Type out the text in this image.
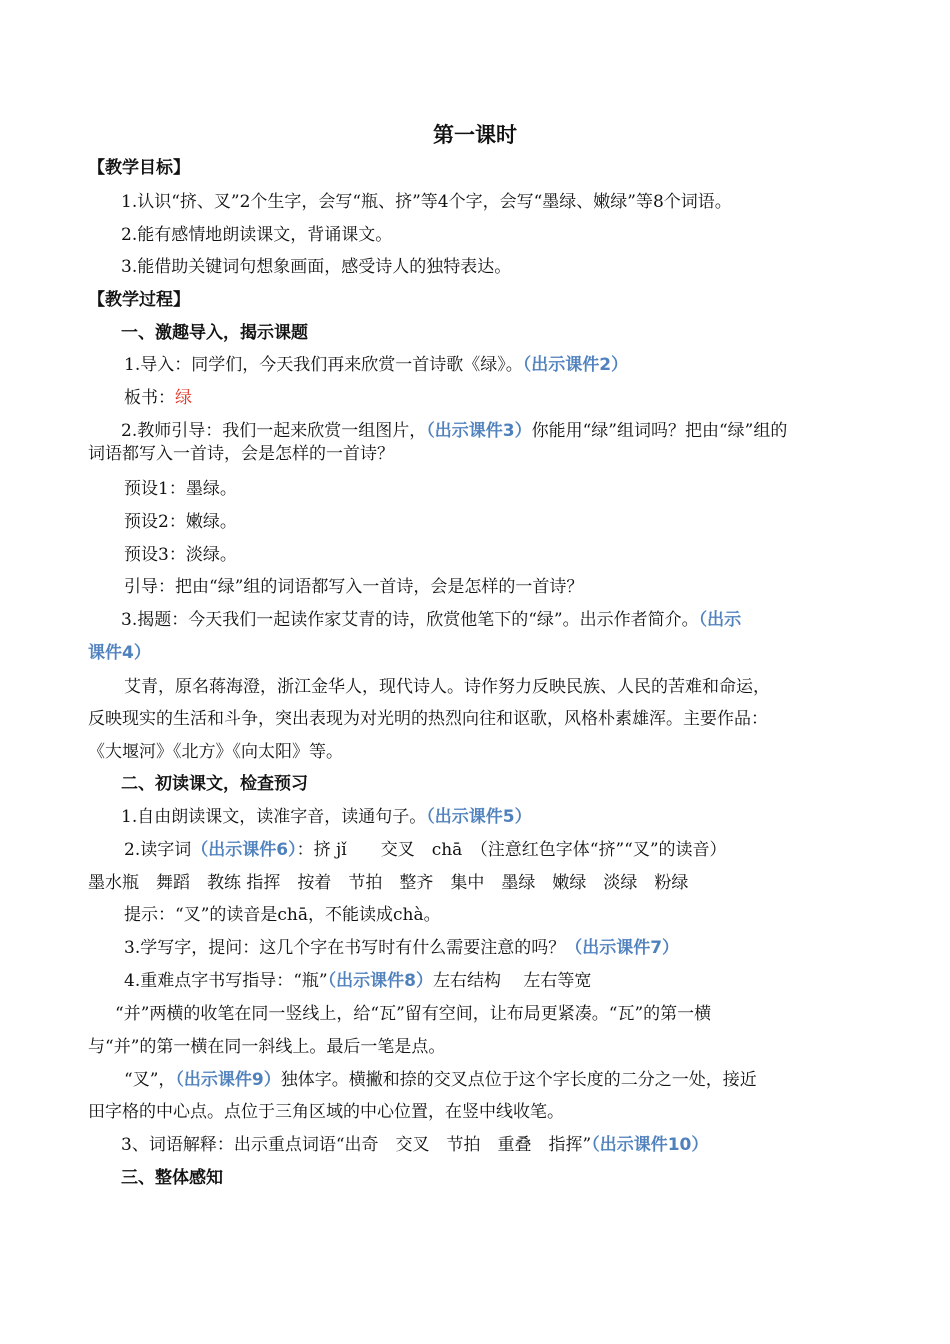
第一课时
【教学目标】
1.认识“挤、叉”2个生字，会写“瓶、挤”等4个字，会写“墨绿、嫩绿”等8个词语。
2.能有感情地朗读课文，背诵课文。
3.能借助关键词句想象画面，感受诗人的独特表达。
【教学过程】
一、激趣导入，揭示课题
1.导入：同学们，今天我们再来欣赏一首诗歌《绿》。（出示课件2）
板书：绿
2.教师引导：我们一起来欣赏一组图片，（出示课件3）你能用“绿”组词吗？把由“绿”组的
词语都写入一首诗，会是怎样的一首诗？
预设1：墨绿。
预设2：嫩绿。
预设3：淡绿。
引导：把由“绿”组的词语都写入一首诗，会是怎样的一首诗？
3.揭题：今天我们一起读作家艾青的诗，欣赏他笔下的“绿”。出示作者简介。（出示
课件4）
艾青，原名蒋海澄，浙江金华人，现代诗人。诗作努力反映民族、人民的苦难和命运，
反映现实的生活和斗争，突出表现为对光明的热烈向往和讴歌，风格朴素雄浑。主要作品：
《大堰河》《北方》《向太阳》等。
二、初读课文，检查预习
1.自由朗读课文，读准字音，读通句子。（出示课件5）
2.读字词（出示课件6）：挤 jǐ　　交叉　chā　（注意红色字体“挤”“叉”的读音）
墨水瓶　舞蹈　教练 指挥　按着　节拍　整齐　集中　墨绿　嫩绿　淡绿　粉绿
提示：“叉”的读音是chā，不能读成chà。
3.学写字，提问：这几个字在书写时有什么需要注意的吗？（出示课件7）
4.重难点字书写指导：“瓶”（出示课件8）左右结构　 左右等宽
“并”两横的收笔在同一竖线上，给“瓦”留有空间，让布局更紧凑。“瓦”的第一横
与“并”的第一横在同一斜线上。最后一笔是点。
“叉”，（出示课件9）独体字。横撇和捺的交叉点位于这个字长度的二分之一处，接近
田字格的中心点。点位于三角区域的中心位置，在竖中线收笔。
3、词语解释：出示重点词语“出奇　交叉　节拍　重叠　指挥”（出示课件10）
三、整体感知
